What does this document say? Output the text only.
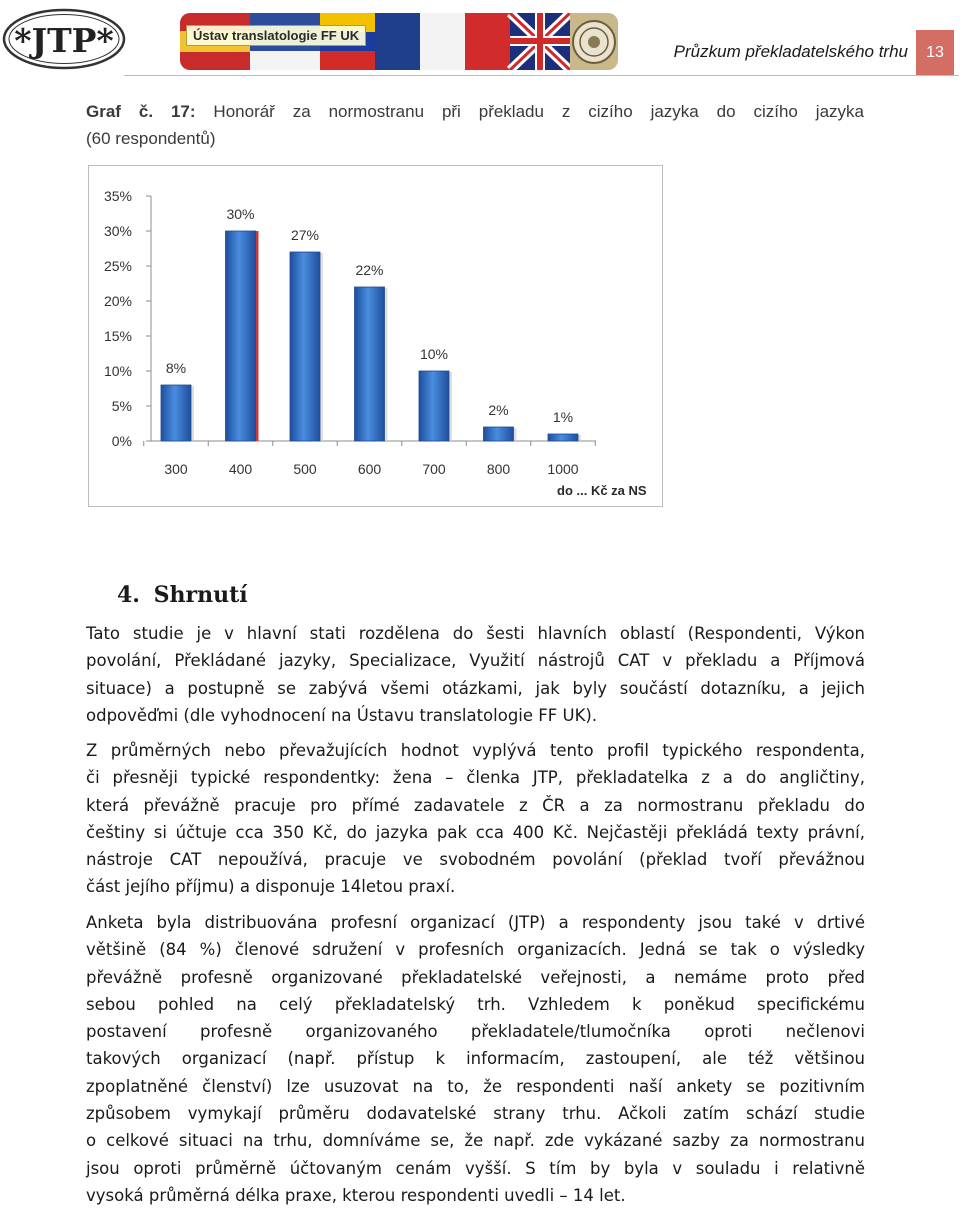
*JTP*	Ústav translatologie FF UK
Průzkum překladatelského trhu	13
Graf č. 17: Honorář za normostranu při překladu z cizího jazyka do cizího jazyka
(60 respondentů)
0%
5%
10%
15%
20%
25%
30%
35%
8%
300
30%
400
27%
500
22%
600
10%
700
2%
800
1%
1000
do ... Kč za NS
4. Shrnutí
Tato studie je v hlavní stati rozdělena do šesti hlavních oblastí (Respondenti, Výkon
povolání, Překládané jazyky, Specializace, Využití nástrojů CAT v překladu a Příjmová
situace) a postupně se zabývá všemi otázkami, jak byly součástí dotazníku, a jejich
odpověďmi (dle vyhodnocení na Ústavu translatologie FF UK).
Z průměrných nebo převažujících hodnot vyplývá tento profil typického respondenta,
či přesněji typické respondentky: žena – členka JTP, překladatelka z a do angličtiny,
která převážně pracuje pro přímé zadavatele z ČR a za normostranu překladu do
češtiny si účtuje cca 350 Kč, do jazyka pak cca 400 Kč. Nejčastěji překládá texty právní,
nástroje CAT nepoužívá, pracuje ve svobodném povolání (překlad tvoří převážnou
část jejího příjmu) a disponuje 14letou praxí.
Anketa byla distribuována profesní organizací (JTP) a respondenty jsou také v drtivé
většině (84 %) členové sdružení v profesních organizacích. Jedná se tak o výsledky
převážně profesně organizované překladatelské veřejnosti, a nemáme proto před
sebou pohled na celý překladatelský trh. Vzhledem k poněkud specifickému
postavení profesně organizovaného překladatele/tlumočníka oproti nečlenovi
takových organizací (např. přístup k informacím, zastoupení, ale též většinou
zpoplatněné členství) lze usuzovat na to, že respondenti naší ankety se pozitivním
způsobem vymykají průměru dodavatelské strany trhu. Ačkoli zatím schází studie
o celkové situaci na trhu, domníváme se, že např. zde vykázané sazby za normostranu
jsou oproti průměrně účtovaným cenám vyšší. S tím by byla v souladu i relativně
vysoká průměrná délka praxe, kterou respondenti uvedli – 14 let.
